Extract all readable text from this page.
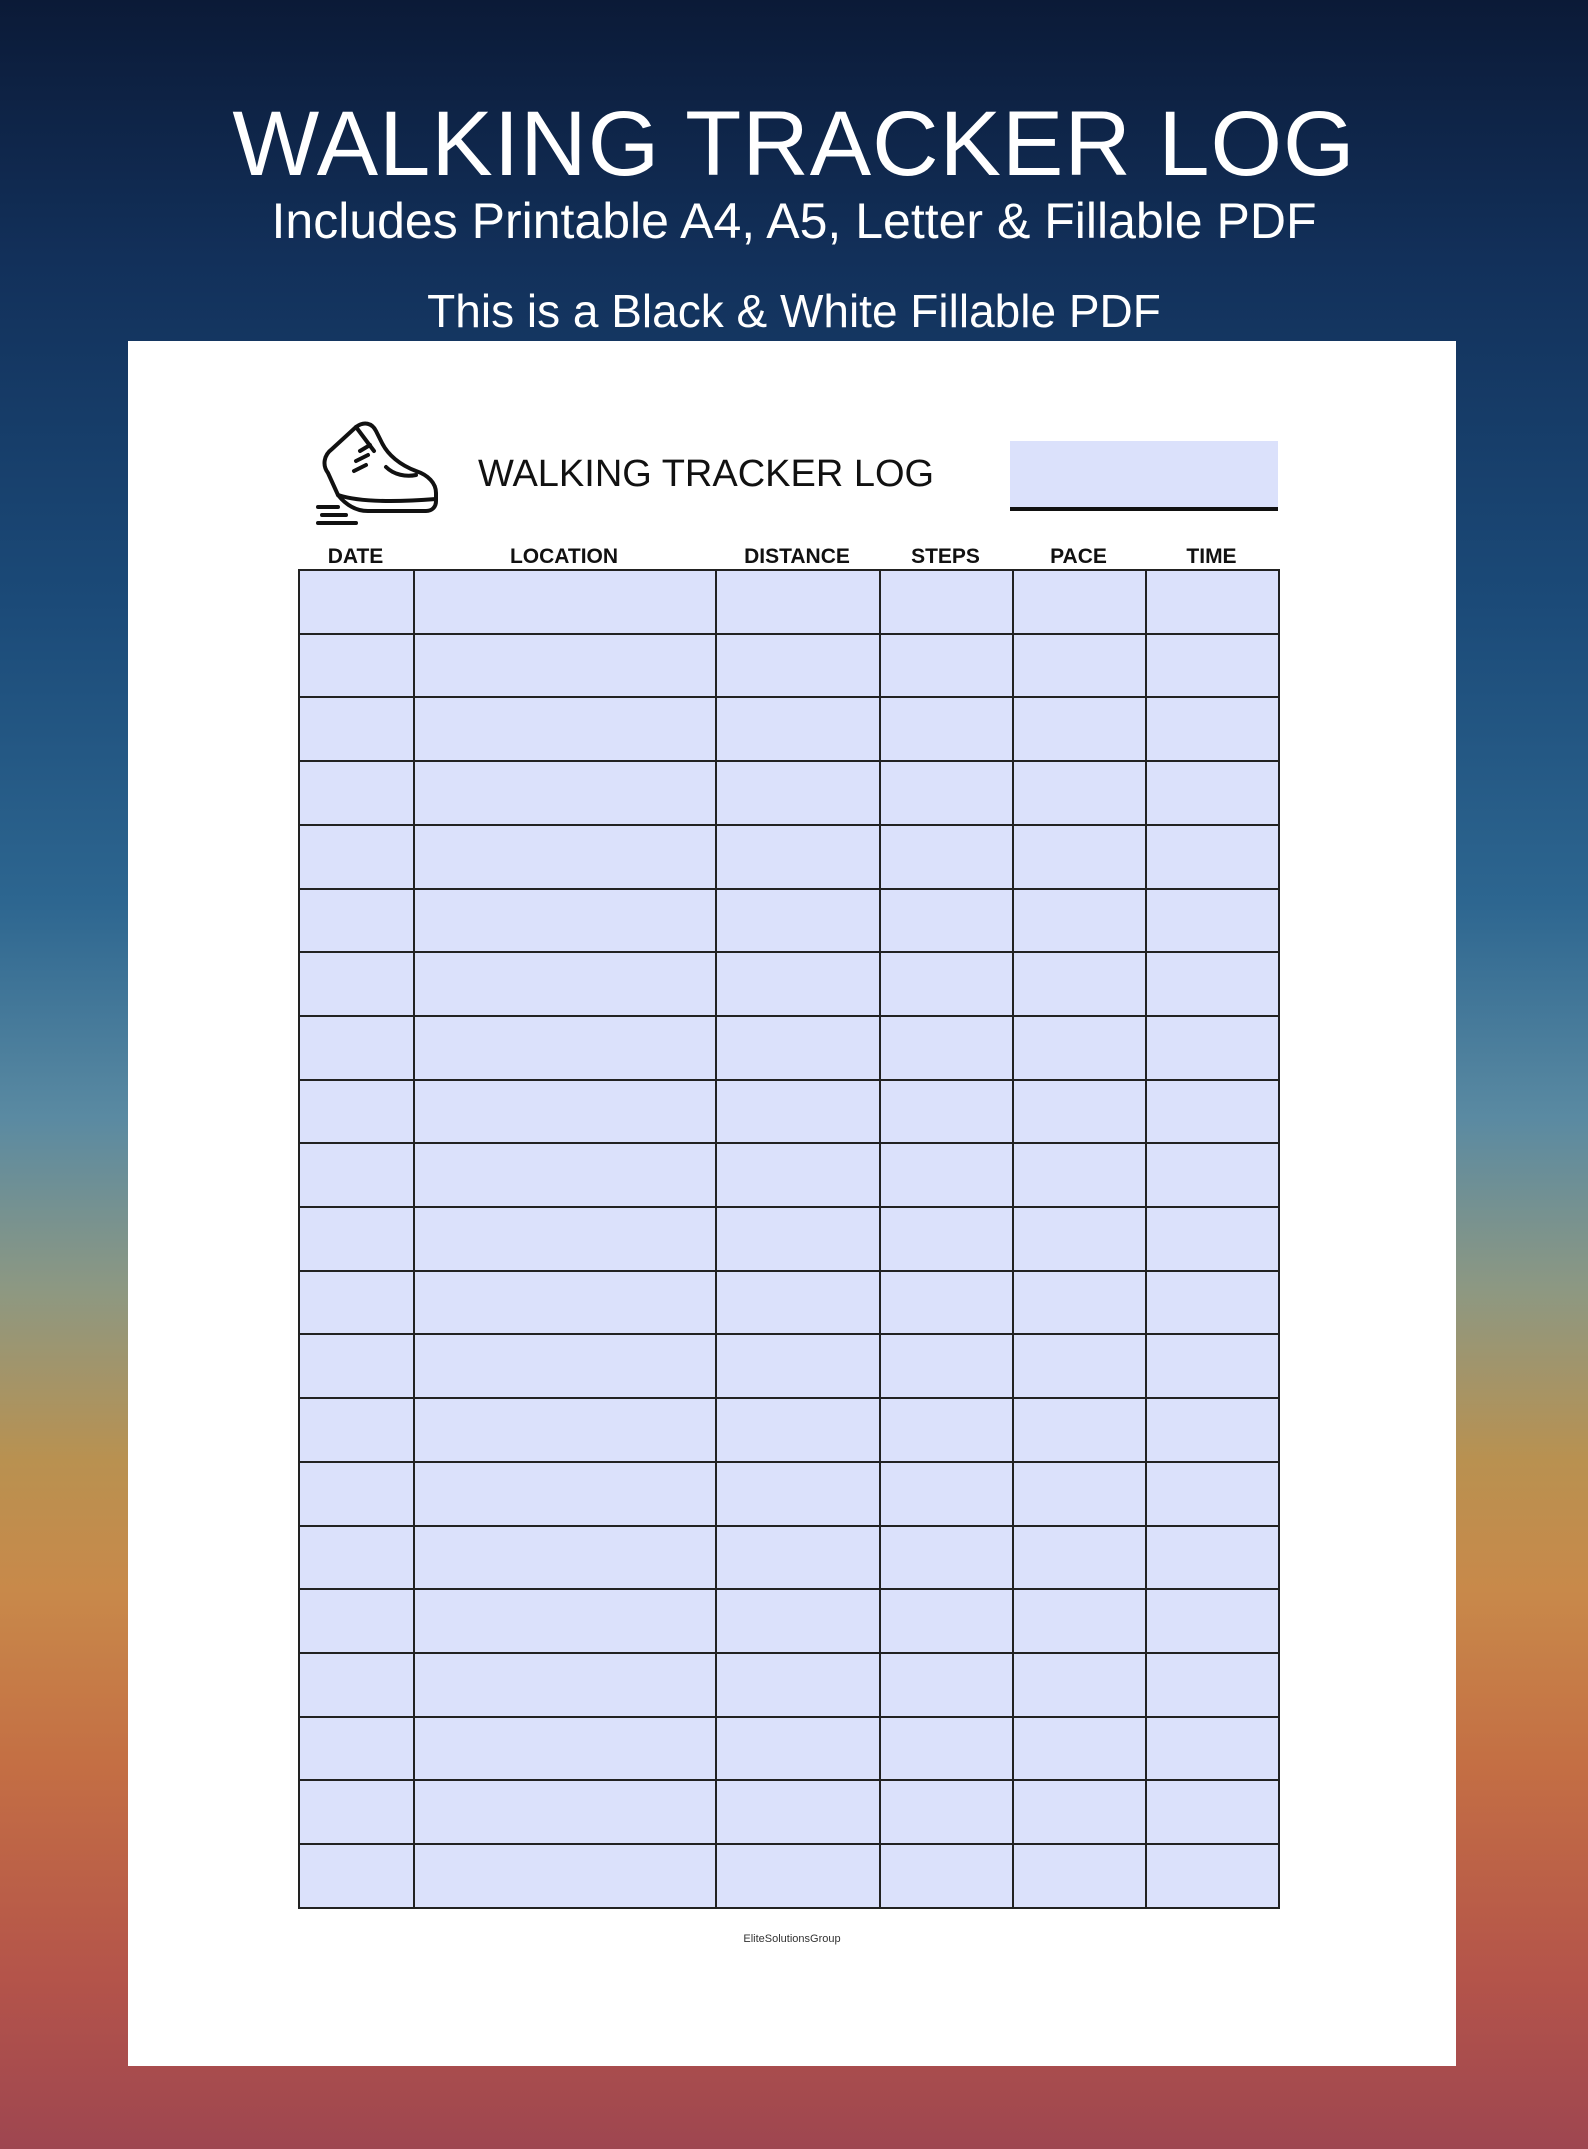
WALKING TRACKER LOG
Includes Printable A4, A5, Letter & Fillable PDF
This is a Black & White Fillable PDF
WALKING TRACKER LOG
DATE	LOCATION	DISTANCE	STEPS	PACE	TIME

EliteSolutionsGroup
